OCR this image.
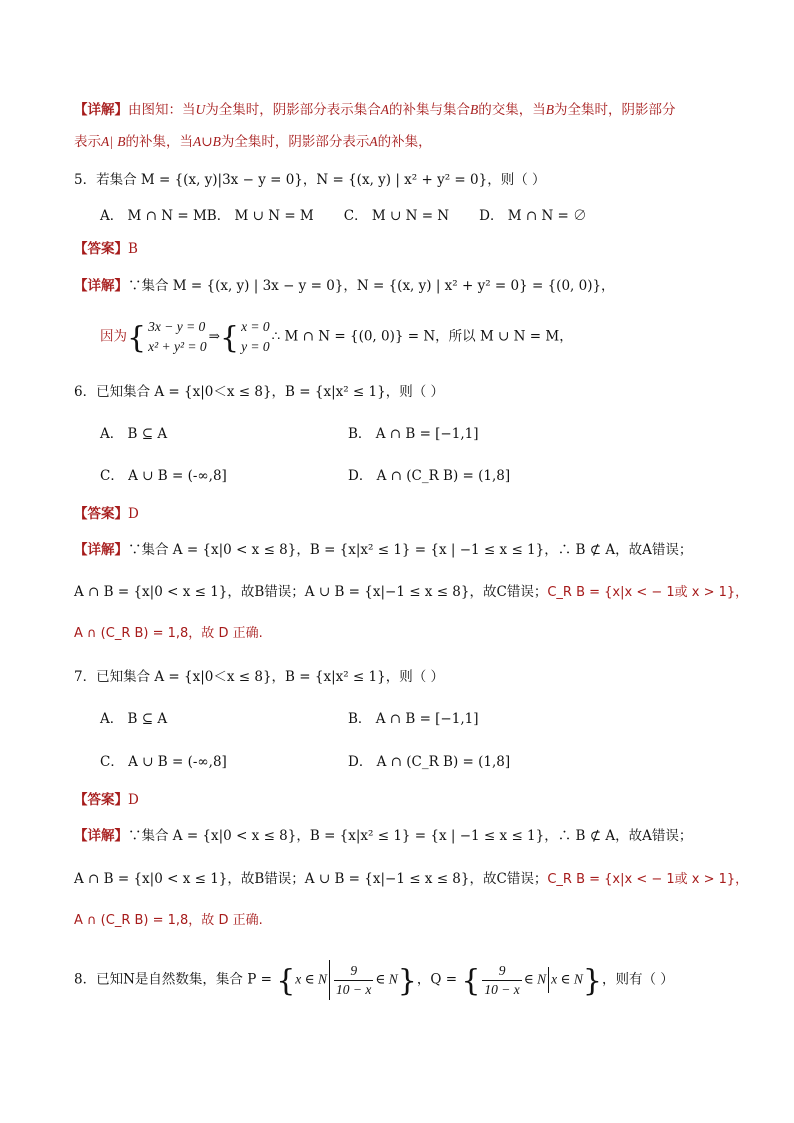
【详解】由图知：当U为全集时，阴影部分表示集合A的补集与集合B的交集，当B为全集时，阴影部分
表示A| B的补集，当A∪B为全集时，阴影部分表示A的补集，
5．若集合 M = {(x, y)|3x − y = 0}，N = {(x, y) | x² + y² = 0}，则（ ）
A． M ∩ N = MB． M ∪ N = M C． M ∪ N = N D． M ∩ N = ∅
【答案】B
【详解】∵集合 M = {(x, y) | 3x − y = 0}，N = {(x, y) | x² + y² = 0} = {(0, 0)}，
因为{ 3x − y = 0
x² + y² = 0
⇒{ x = 0
y = 0
∴ M ∩ N = {(0, 0)} = N，所以 M ∪ N = M，
6．已知集合 A = {x|0＜x ≤ 8}，B = {x|x² ≤ 1}，则（ ）
A． B ⊆ A	B． A ∩ B = [−1,1]
C． A ∪ B = (-∞,8]	D． A ∩ (C_R B) = (1,8]
【答案】D
【详解】∵集合 A = {x|0 < x ≤ 8}，B = {x|x² ≤ 1} = {x | −1 ≤ x ≤ 1}，∴ B ⊄ A，故A错误；
A ∩ B = {x|0 < x ≤ 1}，故B错误；A ∪ B = {x|−1 ≤ x ≤ 8}，故C错误；C_R B = {x|x < − 1或 x > 1}，
A ∩ (C_R B) = 1,8，故 D 正确.
7．已知集合 A = {x|0＜x ≤ 8}，B = {x|x² ≤ 1}，则（ ）
A． B ⊆ A	B． A ∩ B = [−1,1]
C． A ∪ B = (-∞,8]	D． A ∩ (C_R B) = (1,8]
【答案】D
【详解】∵集合 A = {x|0 < x ≤ 8}，B = {x|x² ≤ 1} = {x | −1 ≤ x ≤ 1}，∴ B ⊄ A，故A错误；
A ∩ B = {x|0 < x ≤ 1}，故B错误；A ∪ B = {x|−1 ≤ x ≤ 8}，故C错误；C_R B = {x|x < − 1或 x > 1}，
A ∩ (C_R B) = 1,8，故 D 正确.
8．已知N是自然数集，集合 P = {x ∈ N $\frac{9}{10 - x}$ ∈ N}，Q = { $\frac{9}{10 - x}$ ∈ N x ∈ N}，则有（ ）
